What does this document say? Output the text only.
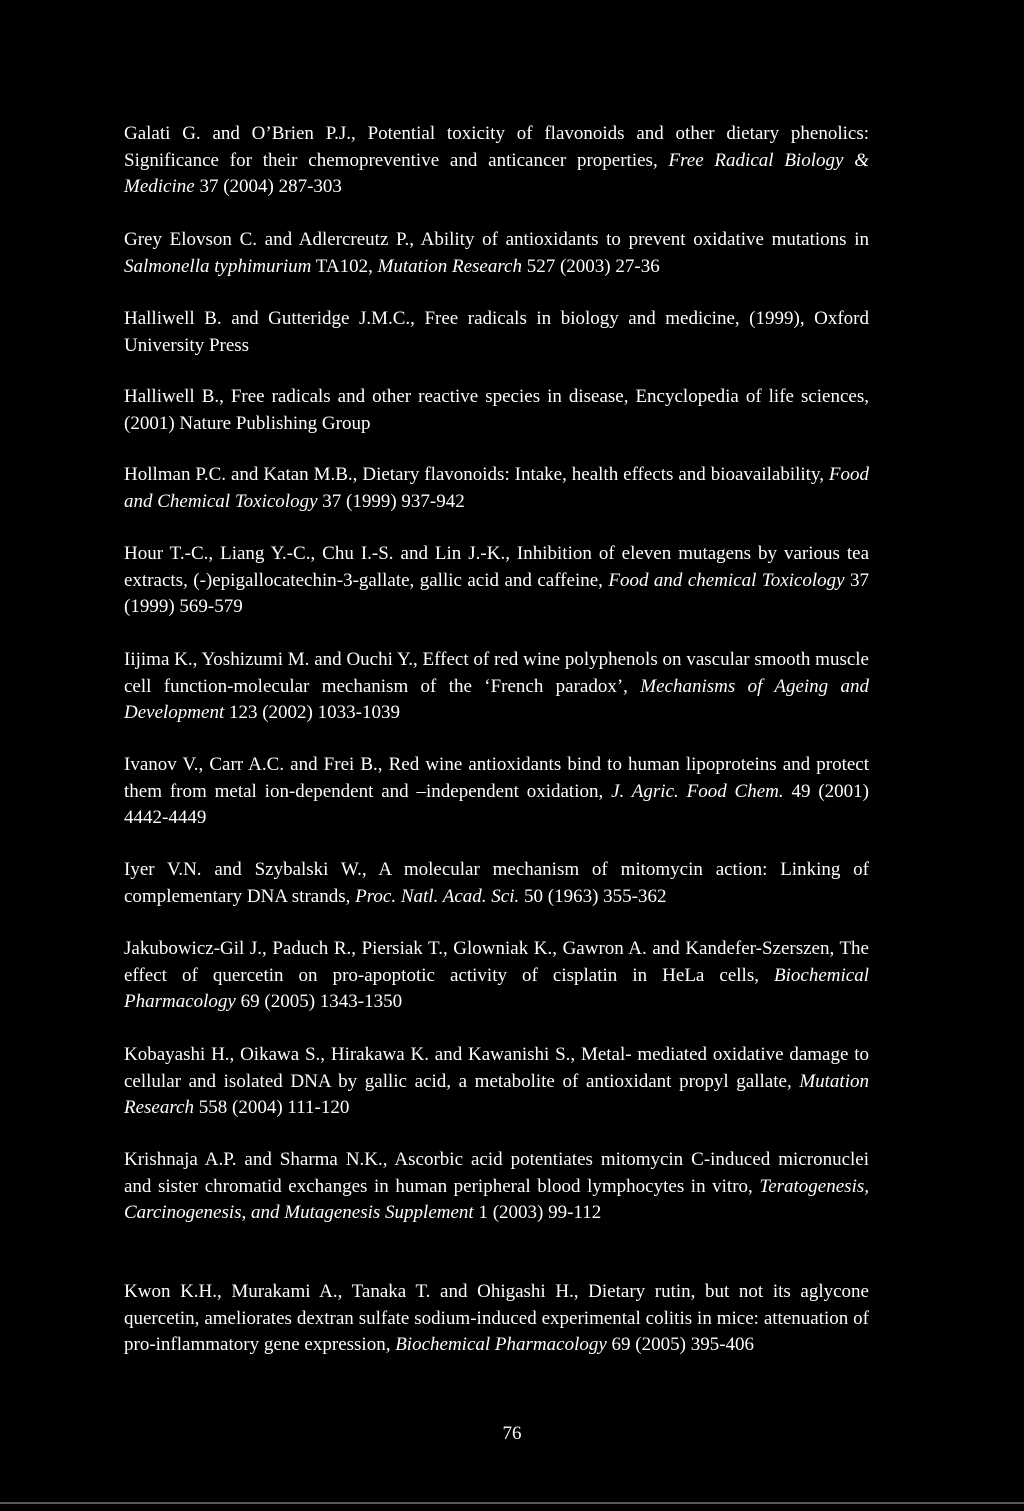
Galati G. and O’Brien P.J., Potential toxicity of flavonoids and other dietary phenolics: Significance for their chemopreventive and anticancer properties, Free Radical Biology & Medicine 37 (2004) 287-303

Grey Elovson C. and Adlercreutz P., Ability of antioxidants to prevent oxidative mutations in Salmonella typhimurium TA102, Mutation Research 527 (2003) 27-36

Halliwell B. and Gutteridge J.M.C., Free radicals in biology and medicine, (1999), Oxford University Press

Halliwell B., Free radicals and other reactive species in disease, Encyclopedia of life sciences, (2001) Nature Publishing Group

Hollman P.C. and Katan M.B., Dietary flavonoids: Intake, health effects and bioavailability, Food and Chemical Toxicology 37 (1999) 937-942

Hour T.-C., Liang Y.-C., Chu I.-S. and Lin J.-K., Inhibition of eleven mutagens by various tea extracts, (-)epigallocatechin-3-gallate, gallic acid and caffeine, Food and chemical Toxicology 37 (1999) 569-579

Iijima K., Yoshizumi M. and Ouchi Y., Effect of red wine polyphenols on vascular smooth muscle cell function-molecular mechanism of the ‘French paradox’, Mechanisms of Ageing and Development 123 (2002) 1033-1039

Ivanov V., Carr A.C. and Frei B., Red wine antioxidants bind to human lipoproteins and protect them from metal ion-dependent and –independent oxidation, J. Agric. Food Chem. 49 (2001) 4442-4449

Iyer V.N. and Szybalski W., A molecular mechanism of mitomycin action: Linking of complementary DNA strands, Proc. Natl. Acad. Sci. 50 (1963) 355-362

Jakubowicz-Gil J., Paduch R., Piersiak T., Glowniak K., Gawron A. and Kandefer-Szerszen, The effect of quercetin on pro-apoptotic activity of cisplatin in HeLa cells, Biochemical Pharmacology 69 (2005) 1343-1350

Kobayashi H., Oikawa S., Hirakawa K. and Kawanishi S., Metal- mediated oxidative damage to cellular and isolated DNA by gallic acid, a metabolite of antioxidant propyl gallate, Mutation Research 558 (2004) 111-120

Krishnaja A.P. and Sharma N.K., Ascorbic acid potentiates mitomycin C-induced micronuclei and sister chromatid exchanges in human peripheral blood lymphocytes in vitro, Teratogenesis, Carcinogenesis, and Mutagenesis Supplement 1 (2003) 99-112

Kwon K.H., Murakami A., Tanaka T. and Ohigashi H., Dietary rutin, but not its aglycone quercetin, ameliorates dextran sulfate sodium-induced experimental colitis in mice: attenuation of pro-inflammatory gene expression, Biochemical Pharmacology 69 (2005) 395-406

76
